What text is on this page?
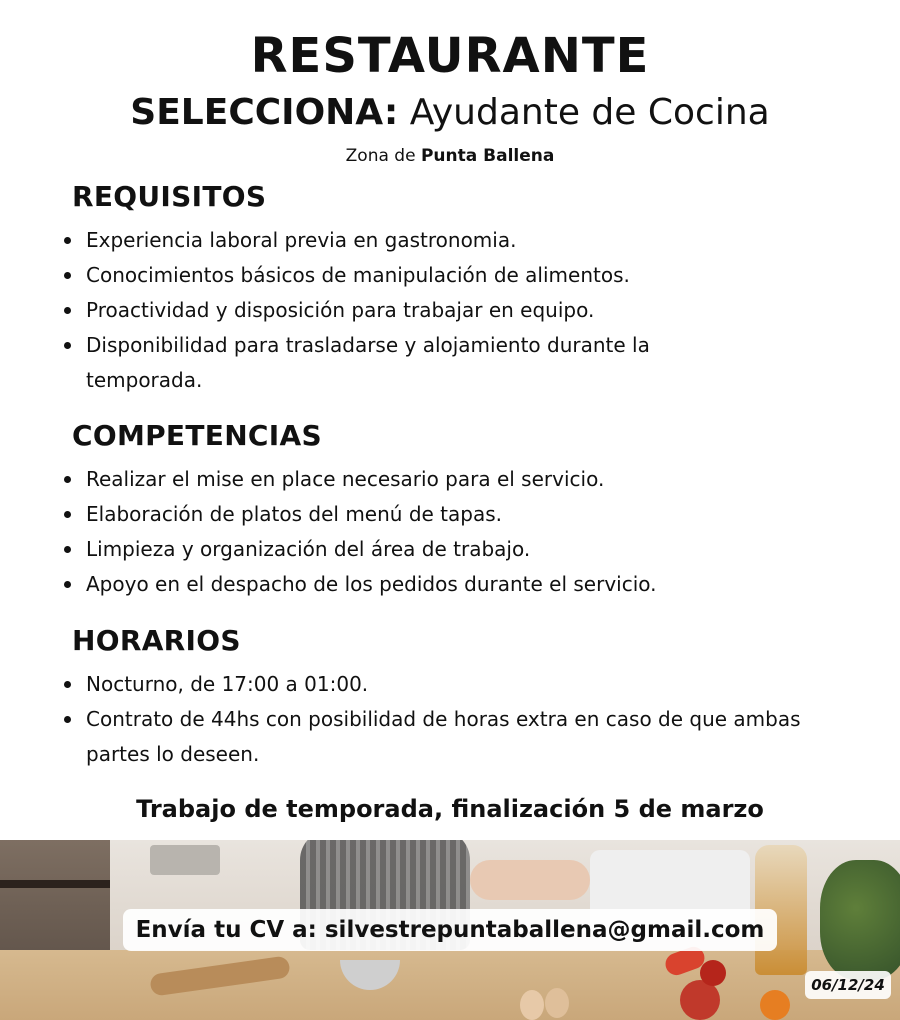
RESTAURANTE
SELECCIONA: Ayudante de Cocina
Zona de Punta Ballena
REQUISITOS
Experiencia laboral previa en gastronomia.
Conocimientos básicos de manipulación de alimentos.
Proactividad y disposición para trabajar en equipo.
Disponibilidad para trasladarse y alojamiento durante la temporada.
COMPETENCIAS
Realizar el mise en place necesario para el servicio.
Elaboración de platos del menú de tapas.
Limpieza y organización del área de trabajo.
Apoyo en el despacho de los pedidos durante el servicio.
HORARIOS
Nocturno, de 17:00 a 01:00.
Contrato de 44hs con posibilidad de horas extra en caso de que ambas partes lo deseen.
Trabajo de temporada, finalización 5 de marzo
Envía tu CV a: silvestrepuntaballena@gmail.com
06/12/24
